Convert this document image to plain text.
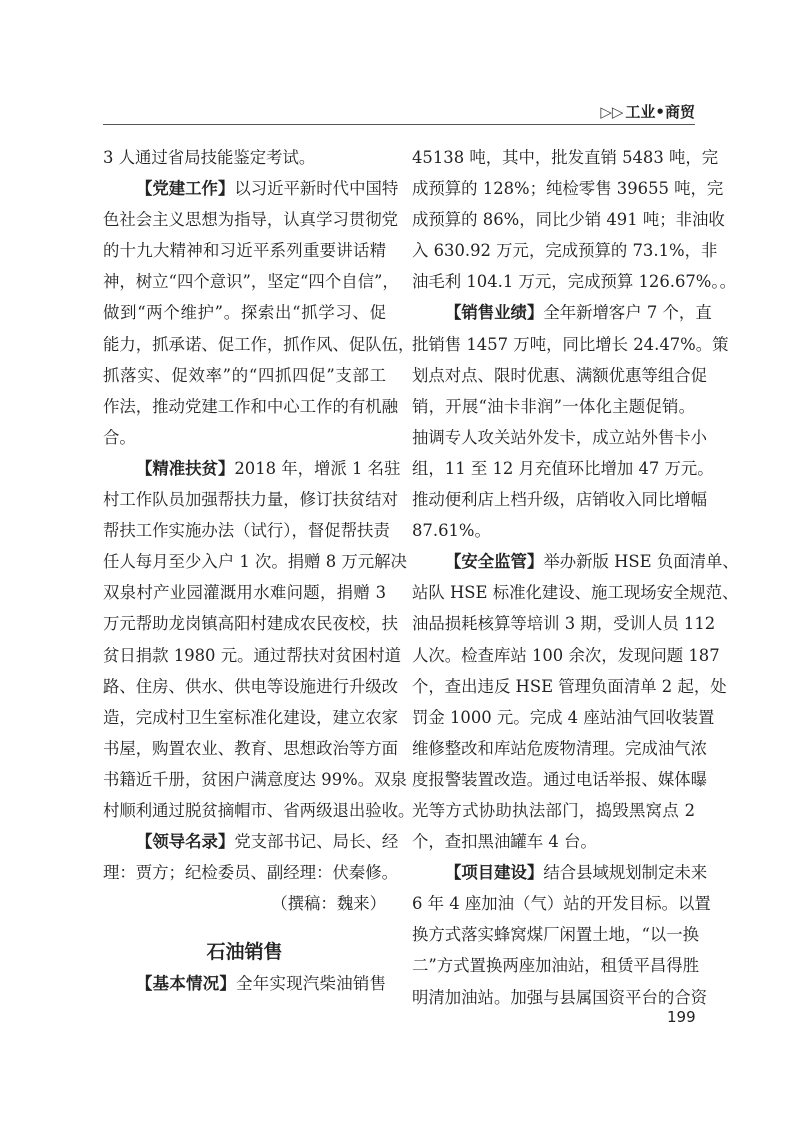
▷▷ 工业•商贸
3 人通过省局技能鉴定考试。
【党建工作】以习近平新时代中国特
色社会主义思想为指导，认真学习贯彻党
的十九大精神和习近平系列重要讲话精
神，树立“四个意识”，坚定“四个自信”，
做到“两个维护”。探索出“抓学习、促
能力，抓承诺、促工作，抓作风、促队伍，
抓落实、促效率”的“四抓四促”支部工
作法，推动党建工作和中心工作的有机融
合。
【精准扶贫】2018 年，增派 1 名驻
村工作队员加强帮扶力量，修订扶贫结对
帮扶工作实施办法（试行），督促帮扶责
任人每月至少入户 1 次。捐赠 8 万元解决
双泉村产业园灌溉用水难问题，捐赠 3
万元帮助龙岗镇高阳村建成农民夜校，扶
贫日捐款 1980 元。通过帮扶对贫困村道
路、住房、供水、供电等设施进行升级改
造，完成村卫生室标准化建设，建立农家
书屋，购置农业、教育、思想政治等方面
书籍近千册，贫困户满意度达 99%。双泉
村顺利通过脱贫摘帽市、省两级退出验收。
【领导名录】党支部书记、局长、经
理：贾方；纪检委员、副经理：伏秦修。
（撰稿：魏来）
石油销售
【基本情况】全年实现汽柴油销售
45138 吨，其中，批发直销 5483 吨，完
成预算的 128%；纯检零售 39655 吨，完
成预算的 86%，同比少销 491 吨；非油收
入 630.92 万元，完成预算的 73.1%，非
油毛利 104.1 万元，完成预算 126.67%。。
【销售业绩】全年新增客户 7 个，直
批销售 1457 万吨，同比增长 24.47%。策
划点对点、限时优惠、满额优惠等组合促
销，开展“油卡非润”一体化主题促销。
抽调专人攻关站外发卡，成立站外售卡小
组，11 至 12 月充值环比增加 47 万元。
推动便利店上档升级，店销收入同比增幅
87.61%。
【安全监管】举办新版 HSE 负面清单、
站队 HSE 标准化建设、施工现场安全规范、
油品损耗核算等培训 3 期，受训人员 112
人次。检查库站 100 余次，发现问题 187
个，查出违反 HSE 管理负面清单 2 起，处
罚金 1000 元。完成 4 座站油气回收装置
维修整改和库站危废物清理。完成油气浓
度报警装置改造。通过电话举报、媒体曝
光等方式协助执法部门，捣毁黑窝点 2
个，查扣黑油罐车 4 台。
【项目建设】结合县域规划制定未来
6 年 4 座加油（气）站的开发目标。以置
换方式落实蜂窝煤厂闲置土地，“以一换
二”方式置换两座加油站，租赁平昌得胜
明清加油站。加强与县属国资平台的合资
199
